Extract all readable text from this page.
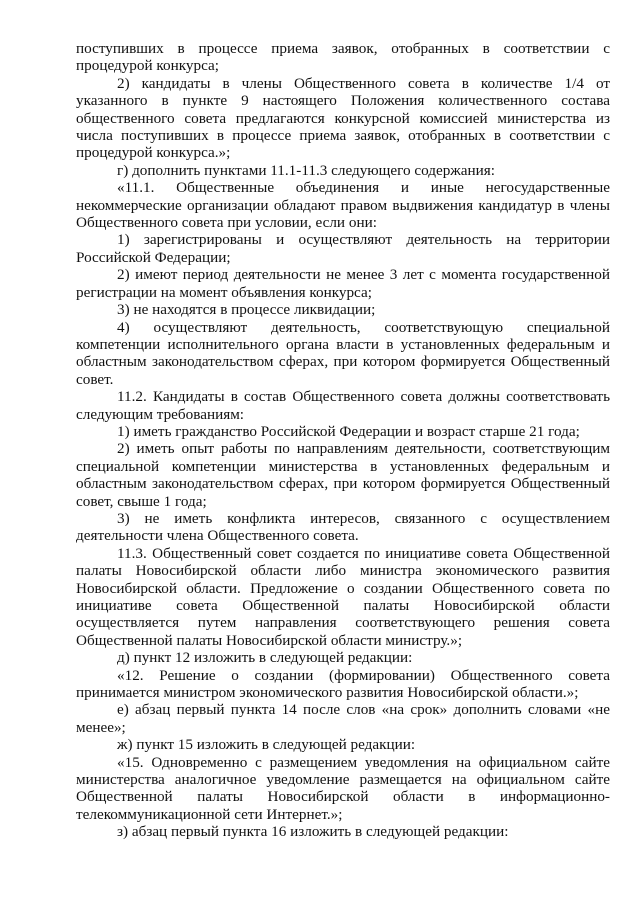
поступивших в процессе приема заявок, отобранных в соответствии с процедурой конкурса;

2) кандидаты в члены Общественного совета в количестве 1/4 от указанного в пункте 9 настоящего Положения количественного состава общественного совета предлагаются конкурсной комиссией министерства из числа поступивших в процессе приема заявок, отобранных в соответствии с процедурой конкурса.»;

г) дополнить пунктами 11.1-11.3 следующего содержания:

«11.1. Общественные объединения и иные негосударственные некоммерческие организации обладают правом выдвижения кандидатур в члены Общественного совета при условии, если они:

1) зарегистрированы и осуществляют деятельность на территории Российской Федерации;

2) имеют период деятельности не менее 3 лет с момента государственной регистрации на момент объявления конкурса;

3) не находятся в процессе ликвидации;

4) осуществляют деятельность, соответствующую специальной компетенции исполнительного органа власти в установленных федеральным и областным законодательством сферах, при котором формируется Общественный совет.

11.2. Кандидаты в состав Общественного совета должны соответствовать следующим требованиям:

1) иметь гражданство Российской Федерации и возраст старше 21 года;

2) иметь опыт работы по направлениям деятельности, соответствующим специальной компетенции министерства в установленных федеральным и областным законодательством сферах, при котором формируется Общественный совет, свыше 1 года;

3) не иметь конфликта интересов, связанного с осуществлением деятельности члена Общественного совета.

11.3. Общественный совет создается по инициативе совета Общественной палаты Новосибирской области либо министра экономического развития Новосибирской области. Предложение о создании Общественного совета по инициативе совета Общественной палаты Новосибирской области осуществляется путем направления соответствующего решения совета Общественной палаты Новосибирской области министру.»;

д) пункт 12 изложить в следующей редакции:

«12. Решение о создании (формировании) Общественного совета принимается министром экономического развития Новосибирской области.»;

е) абзац первый пункта 14 после слов «на срок» дополнить словами «не менее»;

ж) пункт 15 изложить в следующей редакции:

«15. Одновременно с размещением уведомления на официальном сайте министерства аналогичное уведомление размещается на официальном сайте Общественной палаты Новосибирской области в информационно-телекоммуникационной сети Интернет.»;

з) абзац первый пункта 16 изложить в следующей редакции:
